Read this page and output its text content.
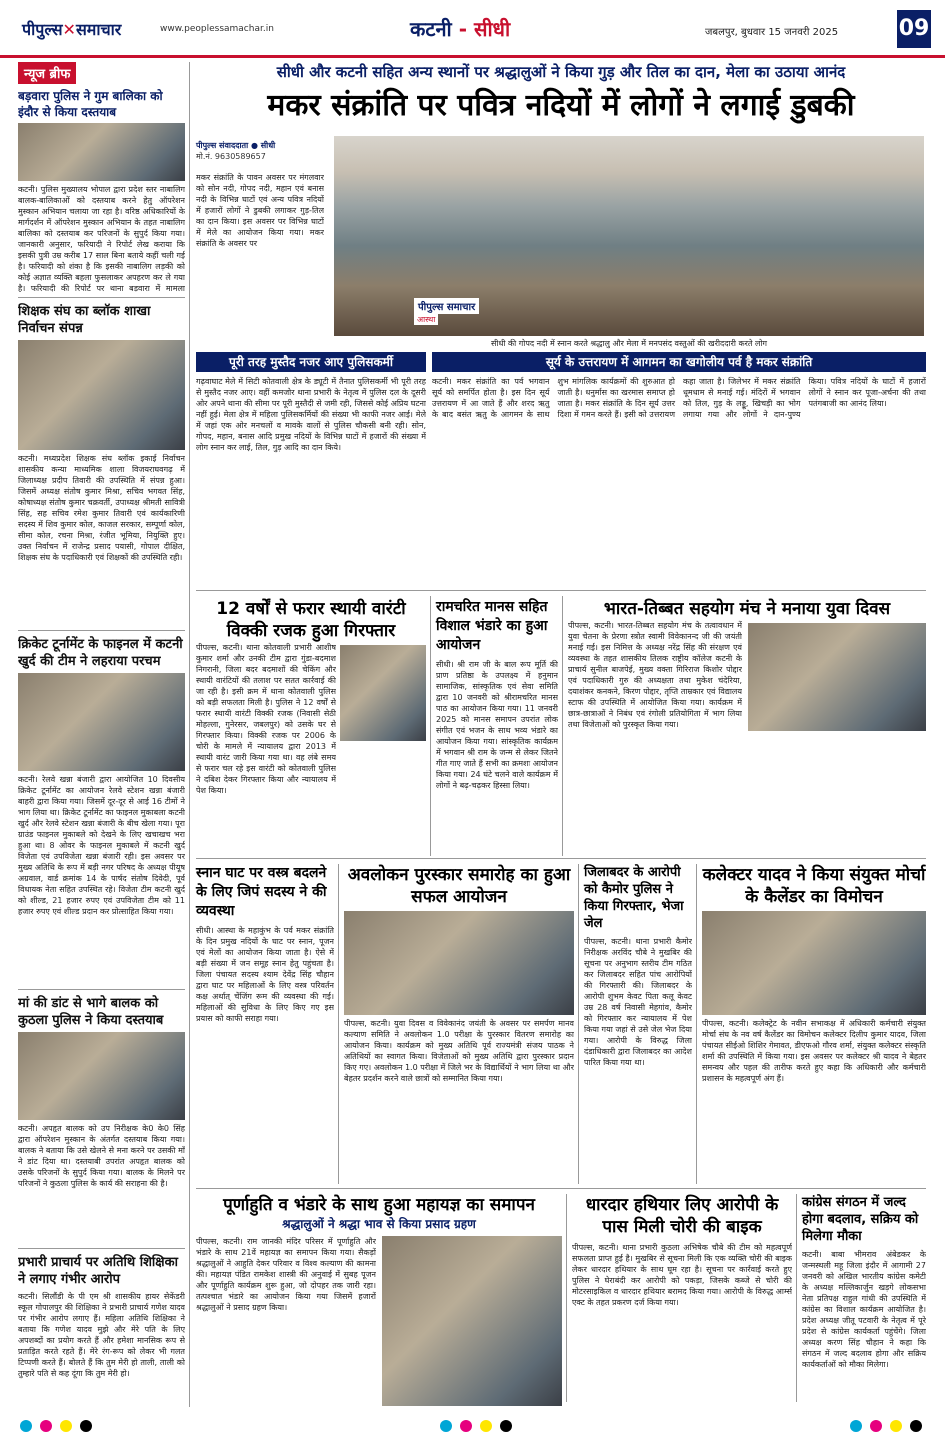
पीपुल्स✕समाचार	www.peoplessamachar.in	कटनी - सीधी	जबलपुर, बुधवार 15 जनवरी 2025	09
न्यूज ब्रीफ
बड़वारा पुलिस ने गुम बालिका को इंदौर से किया दस्तयाब
कटनी। पुलिस मुख्यालय भोपाल द्वारा प्रदेश स्तर नाबालिग बालक-बालिकाओं को दस्तयाब करने हेतु ऑपरेशन मुस्कान अभियान चलाया जा रहा है। वरिष्ठ अधिकारियों के मार्गदर्शन में ऑपरेशन मुस्कान अभियान के तहत नाबालिग बालिका को दस्तयाब कर परिजनों के सुपुर्द किया गया। जानकारी अनुसार, फरियादी ने रिपोर्ट लेख कराया कि इसकी पुत्री उम्र करीब 17 साल बिना बताये कहीं चली गई है। फरियादी को शंका है कि इसकी नाबालिग लड़की को कोई अज्ञात व्यक्ति बहला फुसलाकर अपहरण कर ले गया है। फरियादी की रिपोर्ट पर थाना बड़वारा में मामला
शिक्षक संघ का ब्लॉक शाखा निर्वाचन संपन्न
कटनी। मध्यप्रदेश शिक्षक संघ ब्लॉक इकाई निर्वाचन शासकीय कन्या माध्यमिक शाला विजयराघवगढ़ में जिलाध्यक्ष प्रदीप तिवारी की उपस्थिति में संपन्न हुआ। जिसमें अध्यक्ष संतोष कुमार मिश्रा, सचिव भगवत सिंह, कोषाध्यक्ष संतोष कुमार चक्रवर्ती, उपाध्यक्ष श्रीमती सावित्री सिंह, सह सचिव रमेश कुमार तिवारी एवं कार्यकारिणी सदस्य में शिव कुमार कोल, काजल सरकार, सम्पूर्णा कोल, सीमा कोल, रचना मिश्रा, रंजीत भूमिया, नियुक्ति हुए। उक्त निर्वाचन में राजेन्द्र प्रसाद पयासी, गोपाल दीक्षित, शिक्षक संघ के पदाधिकारी एवं शिक्षकों की उपस्थिति रही।
क्रिकेट टूर्नामेंट के फाइनल में कटनी खुर्द की टीम ने लहराया परचम
कटनी। रेलवे खन्ना बंजारी द्वारा आयोजित 10 दिवसीय क्रिकेट टूर्नामेंट का आयोजन रेलवे स्टेशन खन्ना बंजारी बाहरी द्वारा किया गया। जिसमें दूर-दूर से आई 16 टीमों ने भाग लिया था। क्रिकेट टूर्नामेंट का फाइनल मुकाबला कटनी खुर्द और रेलवे स्टेशन खन्ना बंजारी के बीच खेला गया। पूरा ग्राउंड फाइनल मुकाबले को देखने के लिए खचाखच भरा हुआ था। 8 ओवर के फाइनल मुकाबले में कटनी खुर्द विजेता एवं उपविजेता खन्ना बंजारी रही। इस अवसर पर मुख्य अतिथि के रूप में बड़ी नगर परिषद के अध्यक्ष पीयूष अग्रवाल, वार्ड क्रमांक 14 के पार्षद संतोष दिवेदी, पूर्व विधायक नेता सहित उपस्थित रहे। विजेता टीम कटनी खुर्द को शील्ड, 21 हजार रुपए एवं उपविजेता टीम को 11 हजार रुपए एवं शील्ड प्रदान कर प्रोत्साहित किया गया।
मां की डांट से भागे बालक को कुठला पुलिस ने किया दस्तयाब
कटनी। अपहृत बालक को उप निरीक्षक के0 के0 सिंह द्वारा ऑपरेशन मुस्कान के अंतर्गत दस्तयाब किया गया। बालक ने बताया कि उसे खेलने से मना करने पर उसकी माँ ने डांट दिया था। दस्तयाबी उपरांत अपहृत बालक को उसके परिजनों के सुपुर्द किया गया। बालक के मिलने पर परिजनों ने कुठला पुलिस के कार्य की सराहना की है।
प्रभारी प्राचार्य पर अतिथि शिक्षिका ने लगाए गंभीर आरोप
कटनी। सिलौंडी के पी एम श्री शासकीय हायर सेकेंडरी स्कूल गोपालपुर की शिक्षिका ने प्रभारी प्राचार्य गणेश यादव पर गंभीर आरोप लगाए हैं। महिला अतिथि शिक्षिका ने बताया कि गणेश यादव मुझे और मेरे पति के लिए अपशब्दों का प्रयोग करते हैं और हमेशा मानसिक रूप से प्रताड़ित करते रहते हैं। मेरे रंग-रूप को लेकर भी गलत टिप्पणी करते हैं। बोलते हैं कि तुम मेरी हो ताली, ताली को तुम्हारे पति से कह दूंगा कि तुम मेरी हो।
सीधी और कटनी सहित अन्य स्थानों पर श्रद्धालुओं ने किया गुड़ और तिल का दान, मेला का उठाया आनंद
मकर संक्रांति पर पवित्र नदियों में लोगों ने लगाई डुबकी
पीपुल्स संवाददाता ● सीधी
मो.नं. 9630589657
मकर संक्रांति के पावन अवसर पर मंगलवार को सोन नदी, गोपद नदी, महान एवं बनास नदी के विभिन्न घाटों एवं अन्य पवित्र नदियों में हजारों लोगों ने डुबकी लगाकर गुड़-तिल का दान किया। इस अवसर पर विभिन्न घाटों में मेले का आयोजन किया गया। मकर संक्रांति के अवसर पर
पीपुल्स समाचार
आस्था
सीधी की गोपद नदी में स्नान करते श्रद्धालु और मेला में मनपसंद वस्तुओं की खरीददारी करते लोग
पूरी तरह मुस्तैद नजर आए पुलिसकर्मी	सूर्य के उत्तरायण में आगमन का खगोलीय पर्व है मकर संक्रांति
गढ़वाघाट मेले में सिटी कोतवाली क्षेत्र के ड्यूटी में तैनात पुलिसकर्मी भी पूरी तरह से मुस्तैद नजर आए। वहीं कमजोर थाना प्रभारी के नेतृत्व में पुलिस दल के दूसरी ओर अपने थाना की सीमा पर पूरी मुस्तैदी से जमी रही, जिससे कोई अप्रिय घटना नहीं हुई। मेला क्षेत्र में महिला पुलिसकर्मियों की संख्या भी काफी नजर आई। मेले में जहां एक ओर मनचलों व मावके वालों से पुलिस चौकसी बनी रही। सोन, गोपद, महान, बनास आदि प्रमुख नदियों के विभिन्न घाटों में हजारों की संख्या में लोग स्नान कर लाई, तिल, गुड़ आदि का दान किये।
कटनी। मकर संक्रांति का पर्व भगवान सूर्य को समर्पित होता है। इस दिन सूर्य उत्तरायण में आ जाते हैं और शरद ऋतु के बाद बसंत ऋतु के आगमन के साथ शुभ मांगलिक कार्यक्रमों की शुरुआत हो जाती है। धनुर्मास का खरमास समाप्त हो जाता है। मकर संक्रांति के दिन सूर्य उत्तर दिशा में गमन करते हैं। इसी को उत्तरायण कहा जाता है। जिलेभर में मकर संक्रांति धूमधाम से मनाई गई। मंदिरों में भगवान को तिल, गुड़ के लड्डू, खिचड़ी का भोग लगाया गया और लोगों ने दान-पुण्य किया। पवित्र नदियों के घाटों में हजारों लोगों ने स्नान कर पूजा-अर्चना की तथा पतंगबाजी का आनंद लिया।
12 वर्षों से फरार स्थायी वारंटी विक्की रजक हुआ गिरफ्तार
पीपल्स, कटनी। थाना कोतवाली प्रभारी आशीष कुमार शर्मा और उनकी टीम द्वारा गुंडा-बदमाश निगरानी, जिला बदर बदमाशों की चेकिंग और स्थायी वारंटियों की तलाश पर सतत कार्रवाई की जा रही है। इसी क्रम में थाना कोतवाली पुलिस को बड़ी सफलता मिली है। पुलिस ने 12 वर्षों से फरार स्थायी वारंटी विक्की रजक (निवासी सेठी मोहल्ला, गुनेरसर, जबलपुर) को उसके घर से गिरफ्तार किया। विक्की रजक पर 2006 के चोरी के मामले में न्यायालय द्वारा 2013 में स्थायी वारंट जारी किया गया था। वह लंबे समय से फरार चल रहे इस वारंटी को कोतवाली पुलिस ने दबिश देकर गिरफ्तार किया और न्यायालय में पेश किया।
रामचरित मानस सहित विशाल भंडारे का हुआ आयोजन
सीधी। श्री राम जी के बाल रूप मूर्ति की प्राण प्रतिष्ठा के उपलक्ष्य में हनुमान सामाजिक, सांस्कृतिक एवं सेवा समिति द्वारा 10 जनवरी को श्रीरामचरित मानस पाठ का आयोजन किया गया। 11 जनवरी 2025 को मानस समापन उपरांत लोक संगीत एवं भजन के साथ भव्य भंडारे का आयोजन किया गया। सांस्कृतिक कार्यक्रम में भगवान श्री राम के जन्म से लेकर जितने गीत गाए जाते हैं सभी का क्रमशः आयोजन किया गया। 24 घंटे चलने वाले कार्यक्रम में लोगों ने बढ़-चढ़कर हिस्सा लिया।
भारत-तिब्बत सहयोग मंच ने मनाया युवा दिवस
पीपल्स, कटनी। भारत-तिब्बत सहयोग मंच के तत्वावधान में युवा चेतना के प्रेरणा स्त्रोत स्वामी विवेकानन्द जी की जयंती मनाई गई। इस निमित्त के अध्यक्ष नरेंद्र सिंह की संरक्षण एवं व्यवस्था के तहत शासकीय तिलक राष्ट्रीय कॉलेज कटनी के प्राचार्य सुनील बाजपेई, मुख्य वक्ता गिरिराज किशोर पोद्दार एवं पदाधिकारी गुरु की अध्यक्षता तथा मुकेश चंदेरिया, दयाशंकर कनकने, किरण पोद्दार, तृप्ति ताम्रकार एवं विद्यालय स्टाफ की उपस्थिति में आयोजित किया गया। कार्यक्रम में छात्र-छात्राओं ने निबंध एवं रंगोली प्रतियोगिता में भाग लिया तथा विजेताओं को पुरस्कृत किया गया।
स्नान घाट पर वस्त्र बदलने के लिए जिपं सदस्य ने की व्यवस्था
सीधी। आस्था के महाकुंभ के पर्व मकर संक्रांति के दिन प्रमुख नदियों के घाट पर स्नान, पूजन एवं मेलों का आयोजन किया जाता है। ऐसे में बड़ी संख्या में जन समूह स्नान हेतु पहुंचता है। जिला पंचायत सदस्य श्याम देवेंद्र सिंह चौहान द्वारा घाट पर महिलाओं के लिए वस्त्र परिवर्तन कक्ष अर्थात् चेंजिंग रूम की व्यवस्था की गई। महिलाओं की सुविधा के लिए किए गए इस प्रयास को काफी सराहा गया।
अवलोकन पुरस्कार समारोह का हुआ सफल आयोजन
पीपल्स, कटनी। युवा दिवस व विवेकानंद जयंती के अवसर पर समर्पण मानव कल्याण समिति ने अवलोकन 1.0 परीक्षा के पुरस्कार वितरण समारोह का आयोजन किया। कार्यक्रम को मुख्य अतिथि पूर्व राज्यमंत्री संजय पाठक ने अतिथियों का स्वागत किया। विजेताओं को मुख्य अतिथि द्वारा पुरस्कार प्रदान किए गए। अवलोकन 1.0 परीक्षा में जिले भर के विद्यार्थियों ने भाग लिया था और बेहतर प्रदर्शन करने वाले छात्रों को सम्मानित किया गया।
जिलाबदर के आरोपी को कैमोर पुलिस ने किया गिरफ्तार, भेजा जेल
पीपल्स, कटनी। थाना प्रभारी कैमोर निरीक्षक अरविंद चौबे ने मुखबिर की सूचना पर अनुभाग स्तरीय टीम गठित कर जिलाबदर सहित पांच आरोपियों की गिरफ्तारी की। जिलाबदर के आरोपी शुभम केवट पिता कलू केवट उम्र 28 वर्ष निवासी मेहगांव, कैमोर को गिरफ्तार कर न्यायालय में पेश किया गया जहां से उसे जेल भेज दिया गया। आरोपी के विरुद्ध जिला दंडाधिकारी द्वारा जिलाबदर का आदेश पारित किया गया था।
कलेक्टर यादव ने किया संयुक्त मोर्चा के कैलेंडर का विमोचन
पीपल्स, कटनी। कलेक्ट्रेट के नवीन सभाकक्ष में अधिकारी कर्मचारी संयुक्त मोर्चा संघ के नव वर्ष कैलेंडर का विमोचन कलेक्टर दिलीप कुमार यादव, जिला पंचायत सीईओ शिशिर गेमावत, डीएफओ गौरव शर्मा, संयुक्त कलेक्टर संस्कृति शर्मा की उपस्थिति में किया गया। इस अवसर पर कलेक्टर श्री यादव ने बेहतर समन्वय और पहल की तारीफ करते हुए कहा कि अधिकारी और कर्मचारी प्रशासन के महत्वपूर्ण अंग हैं।
पूर्णाहुति व भंडारे के साथ हुआ महायज्ञ का समापन
श्रद्धालुओं ने श्रद्धा भाव से किया प्रसाद ग्रहण
पीपल्स, कटनी। राम जानकी मंदिर परिसर में पूर्णाहुति और भंडारे के साथ 21वें महायज्ञ का समापन किया गया। सैकड़ों श्रद्धालुओं ने आहुति देकर परिवार व विश्व कल्याण की कामना की। महायज्ञ पंडित रामकेश शास्त्री की अनुवाई में सुबह पूजन और पूर्णाहुति कार्यक्रम शुरू हुआ, जो दोपहर तक जारी रहा। तत्पश्चात भंडारे का आयोजन किया गया जिसमें हजारों श्रद्धालुओं ने प्रसाद ग्रहण किया।
धारदार हथियार लिए आरोपी के पास मिली चोरी की बाइक
पीपल्स, कटनी। थाना प्रभारी कुठला अभिषेक चौबे की टीम को महत्वपूर्ण सफलता प्राप्त हुई है। मुखबिर से सूचना मिली कि एक व्यक्ति चोरी की बाइक लेकर धारदार हथियार के साथ घूम रहा है। सूचना पर कार्रवाई करते हुए पुलिस ने घेराबंदी कर आरोपी को पकड़ा, जिसके कब्जे से चोरी की मोटरसाइकिल व धारदार हथियार बरामद किया गया। आरोपी के विरुद्ध आर्म्स एक्ट के तहत प्रकरण दर्ज किया गया।
कांग्रेस संगठन में जल्द होगा बदलाव, सक्रिय को मिलेगा मौका
कटनी। बाबा भीमराव अंबेडकर के जन्मस्थली महू जिला इंदौर में आगामी 27 जनवरी को अखिल भारतीय कांग्रेस कमेटी के अध्यक्ष मल्लिकार्जुन खड़गे लोकसभा नेता प्रतिपक्ष राहुल गांधी की उपस्थिति में कांग्रेस का विशाल कार्यक्रम आयोजित है। प्रदेश अध्यक्ष जीतू पटवारी के नेतृत्व में पूरे प्रदेश से कांग्रेस कार्यकर्ता पहुंचेंगे। जिला अध्यक्ष करण सिंह चौहान ने कहा कि संगठन में जल्द बदलाव होगा और सक्रिय कार्यकर्ताओं को मौका मिलेगा।
